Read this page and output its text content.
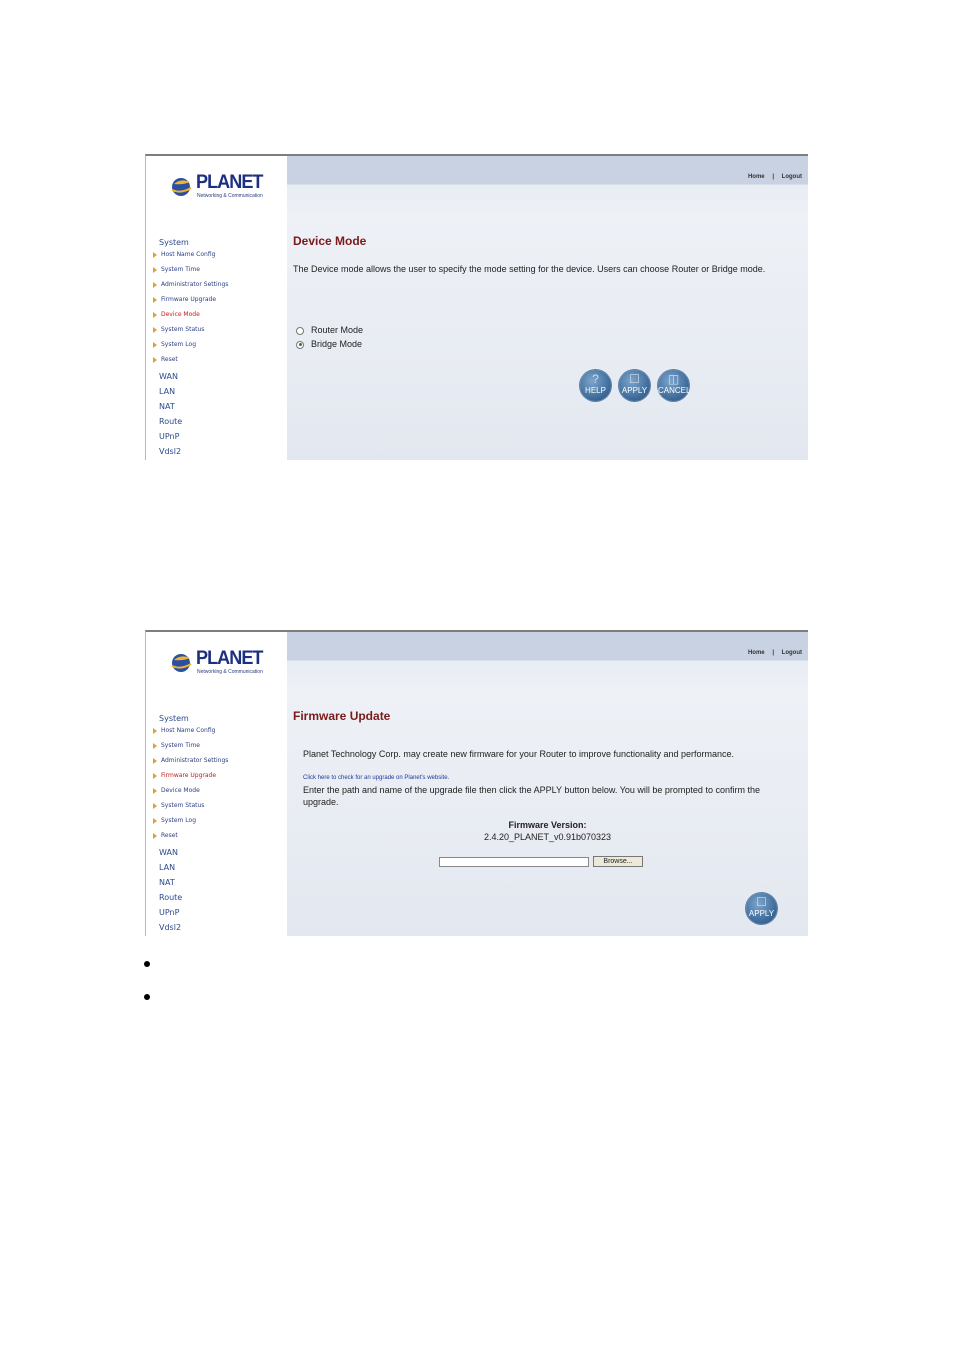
PLANET
Networking & Communication
System
Host Name Config
System Time
Administrator Settings
Firmware Upgrade
Device Mode
System Status
System Log
Reset
WAN
LAN
NAT
Route
UPnP
Vdsl2
Home | Logout
Device Mode
The Device mode allows the user to specify the mode setting for the device. Users can choose Router or Bridge mode.
Router Mode
Bridge Mode
?
HELP
☐
APPLY
◫
CANCEL
PLANET
Networking & Communication
System
Host Name Config
System Time
Administrator Settings
Firmware Upgrade
Device Mode
System Status
System Log
Reset
WAN
LAN
NAT
Route
UPnP
Vdsl2
Home | Logout
Firmware Update
Planet Technology Corp. may create new firmware for your Router to improve functionality and performance.
Click here to check for an upgrade on Planet's website.
Enter the path and name of the upgrade file then click the APPLY button below. You will be prompted to confirm the upgrade.
Firmware Version:
2.4.20_PLANET_v0.91b070323
Browse...
☐
APPLY
